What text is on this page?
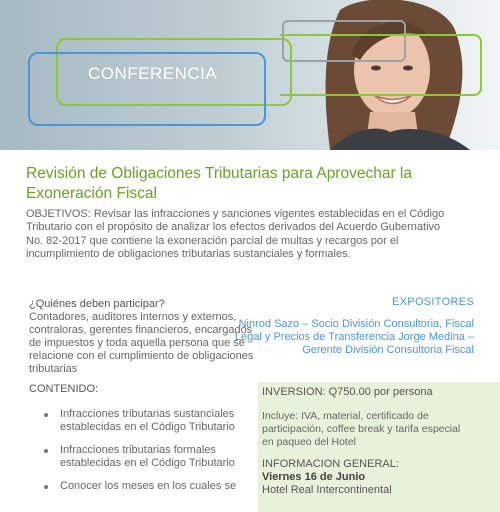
CONFERENCIA
Revisión de Obligaciones Tributarias para Aprovechar la Exoneración Fiscal
OBJETIVOS: Revisar las infracciones y sanciones vigentes establecidas en el Código Tributario con el propósito de analizar los efectos derivados del Acuerdo Gubernativo No. 82-2017 que contiene la exoneración parcial de multas y recargos por el incumplimiento de obligaciones tributarias sustanciales y formales.
¿Quiénes deben participar?
Contadores, auditores internos y externos, contraloras, gerentes financieros, encargados de impuestos y toda aquella persona que se relacione con el cumplimiento de obligaciones tributarias
CONTENIDO:
Infracciones tributarias sustanciales establecidas en el Código Tributario
Infracciones tributarias formales establecidas en el Código Tributario
Conocer los meses en los cuales se
EXPOSITORES
Ninrod Sazo – Socio División Consultoria, Fiscal Legal y Precios de Transferencia Jorge Medina – Gerente División Consultoria Fiscal
INVERSION: Q750.00 por persona
Incluye: IVA, material, certificado de participación, coffee break y tarifa especial en paqueo del Hotel
INFORMACION GENERAL:
Viernes 16 de Junio
Hotel Real Intercontinental
